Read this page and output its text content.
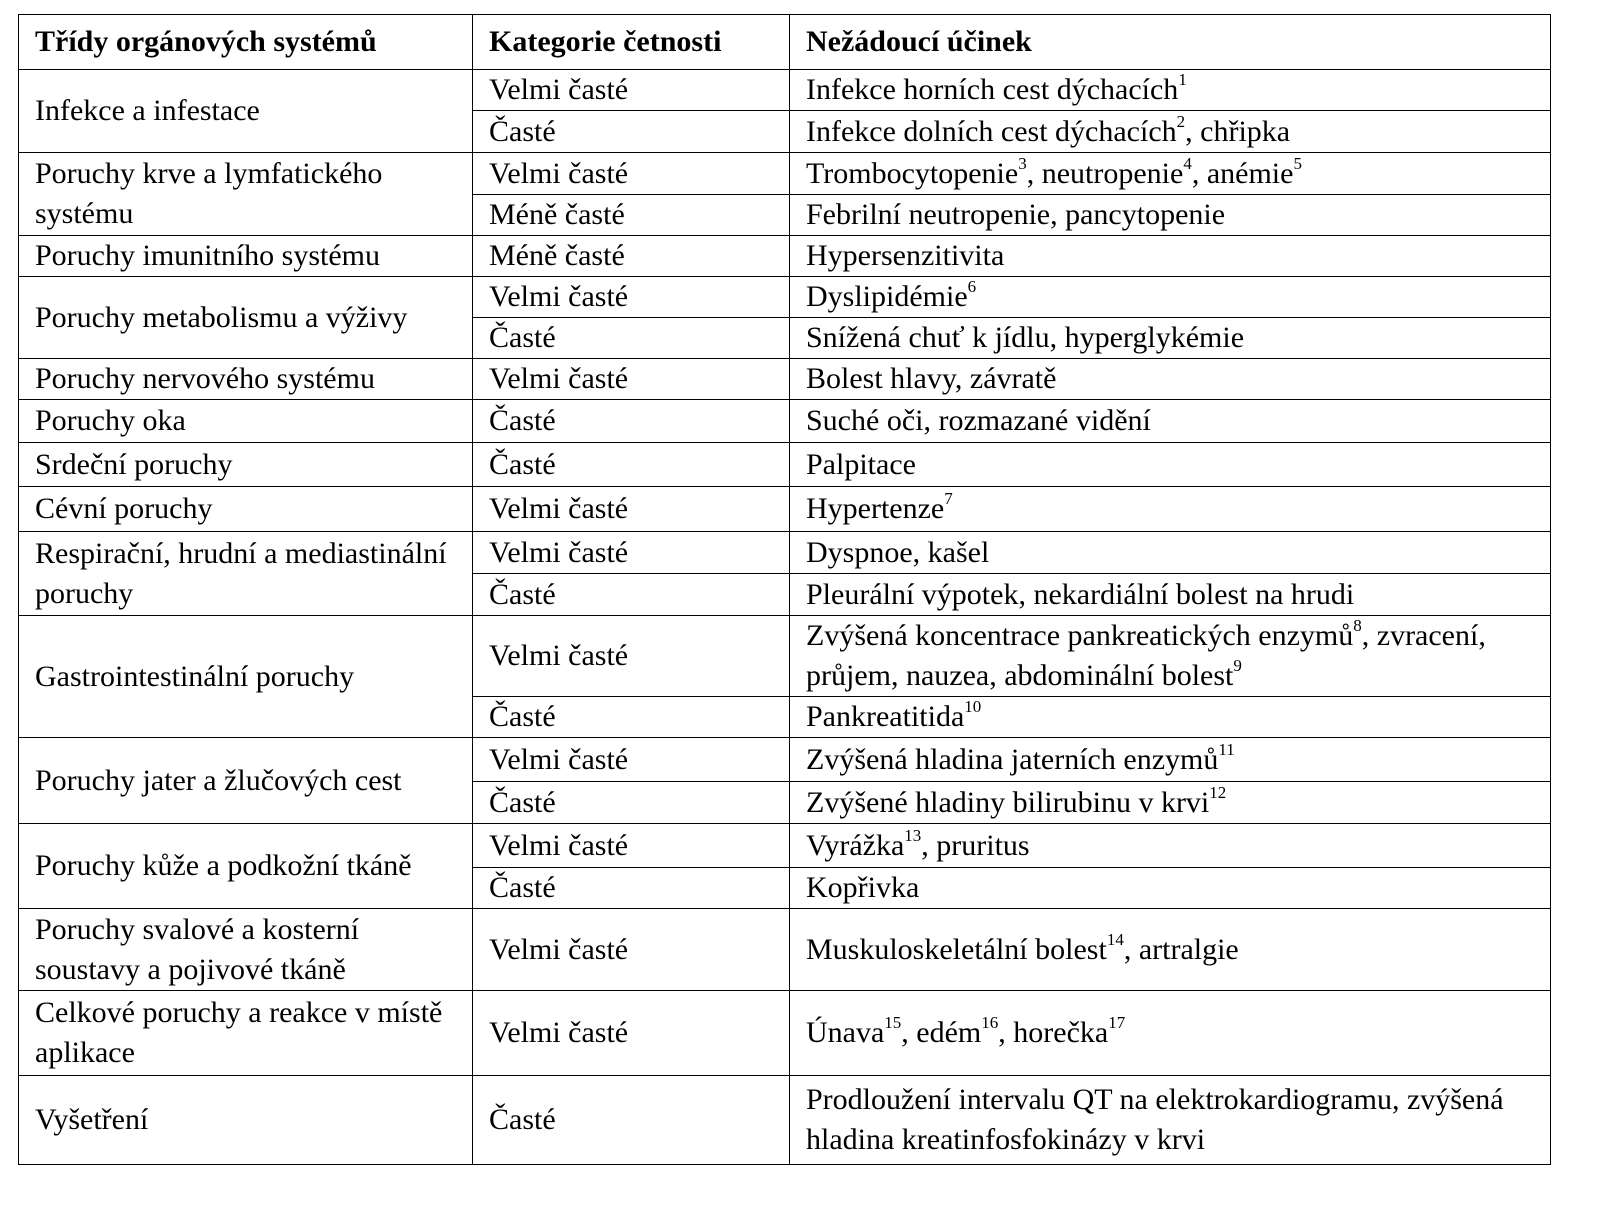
Třídy orgánových systémů	Kategorie četnosti	Nežádoucí účinek
Infekce a infestace	Velmi časté	Infekce horních cest dýchacích$^1$
	Časté	Infekce dolních cest dýchacích$^2$, chřipka
Poruchy krve a lymfatického systému	Velmi časté	Trombocytopenie$^3$, neutropenie$^4$, anémie$^5$
	Méně časté	Febrilní neutropenie, pancytopenie
Poruchy imunitního systému	Méně časté	Hypersenzitivita
Poruchy metabolismu a výživy	Velmi časté	Dyslipidémie$^6$
	Časté	Snížená chuť k jídlu, hyperglykémie
Poruchy nervového systému	Velmi časté	Bolest hlavy, závratě
Poruchy oka	Časté	Suché oči, rozmazané vidění
Srdeční poruchy	Časté	Palpitace
Cévní poruchy	Velmi časté	Hypertenze$^7$
Respirační, hrudní a mediastinální poruchy	Velmi časté	Dyspnoe, kašel
	Časté	Pleurální výpotek, nekardiální bolest na hrudi
Gastrointestinální poruchy	Velmi časté	Zvýšená koncentrace pankreatických enzymů$^8$, zvracení, průjem, nauzea, abdominální bolest$^9$
	Časté	Pankreatitida$^{10}$
Poruchy jater a žlučových cest	Velmi časté	Zvýšená hladina jaterních enzymů$^{11}$
	Časté	Zvýšené hladiny bilirubinu v krvi$^{12}$
Poruchy kůže a podkožní tkáně	Velmi časté	Vyrážka$^{13}$, pruritus
	Časté	Kopřivka
Poruchy svalové a kosterní soustavy a pojivové tkáně	Velmi časté	Muskuloskeletální bolest$^{14}$, artralgie
Celkové poruchy a reakce v místě aplikace	Velmi časté	Únava$^{15}$, edém$^{16}$, horečka$^{17}$
Vyšetření	Časté	Prodloužení intervalu QT na elektrokardiogramu, zvýšená hladina kreatinfosfokinázy v krvi
